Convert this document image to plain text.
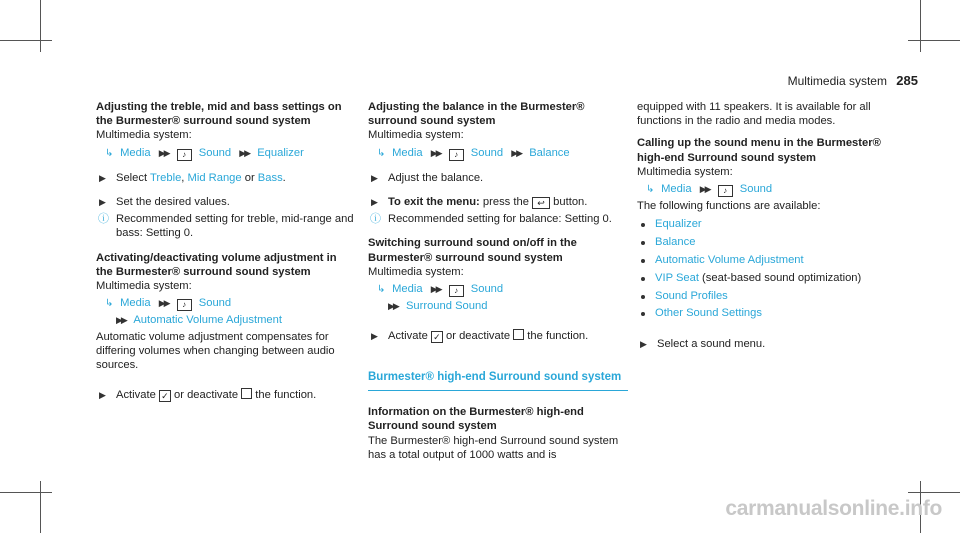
Multimedia system 285

Adjusting the treble, mid and bass settings on the Burmester® surround sound system

Multimedia system:

↳ Media ▶▶ ♪ Sound ▶▶ Equalizer
▶ Select Treble, Mid Range or Bass.
▶ Set the desired values.
ⓘ Recommended setting for treble, mid-range and bass: Setting 0.

Activating/deactivating volume adjustment in the Burmester® surround sound system

Multimedia system:

↳ Media ▶▶ ♪ Sound
▶▶ Automatic Volume Adjustment

Automatic volume adjustment compensates for differing volumes when changing between audio sources.

▶ Activate ✓ or deactivate the function.

Adjusting the balance in the Burmester® surround sound system

Multimedia system:

↳ Media ▶▶ ♪ Sound ▶▶ Balance
▶ Adjust the balance.
▶ To exit the menu: press the ↩ button.
ⓘ Recommended setting for balance: Setting 0.

Switching surround sound on/off in the Burmester® surround sound system

Multimedia system:

↳ Media ▶▶ ♪ Sound
▶▶ Surround Sound
▶ Activate ✓ or deactivate the function.
Burmester® high-end Surround sound system

Information on the Burmester® high-end Surround sound system

The Burmester® high-end Surround sound system has a total output of 1000 watts and is

equipped with 11 speakers. It is available for all functions in the radio and media modes.

Calling up the sound menu in the Burmester® high-end Surround sound system

Multimedia system:

↳ Media ▶▶ ♪ Sound

The following functions are available:

Equalizer
Balance
Automatic Volume Adjustment
VIP Seat (seat-based sound optimization)
Sound Profiles
Other Sound Settings
▶ Select a sound menu.
carmanualsonline.info
